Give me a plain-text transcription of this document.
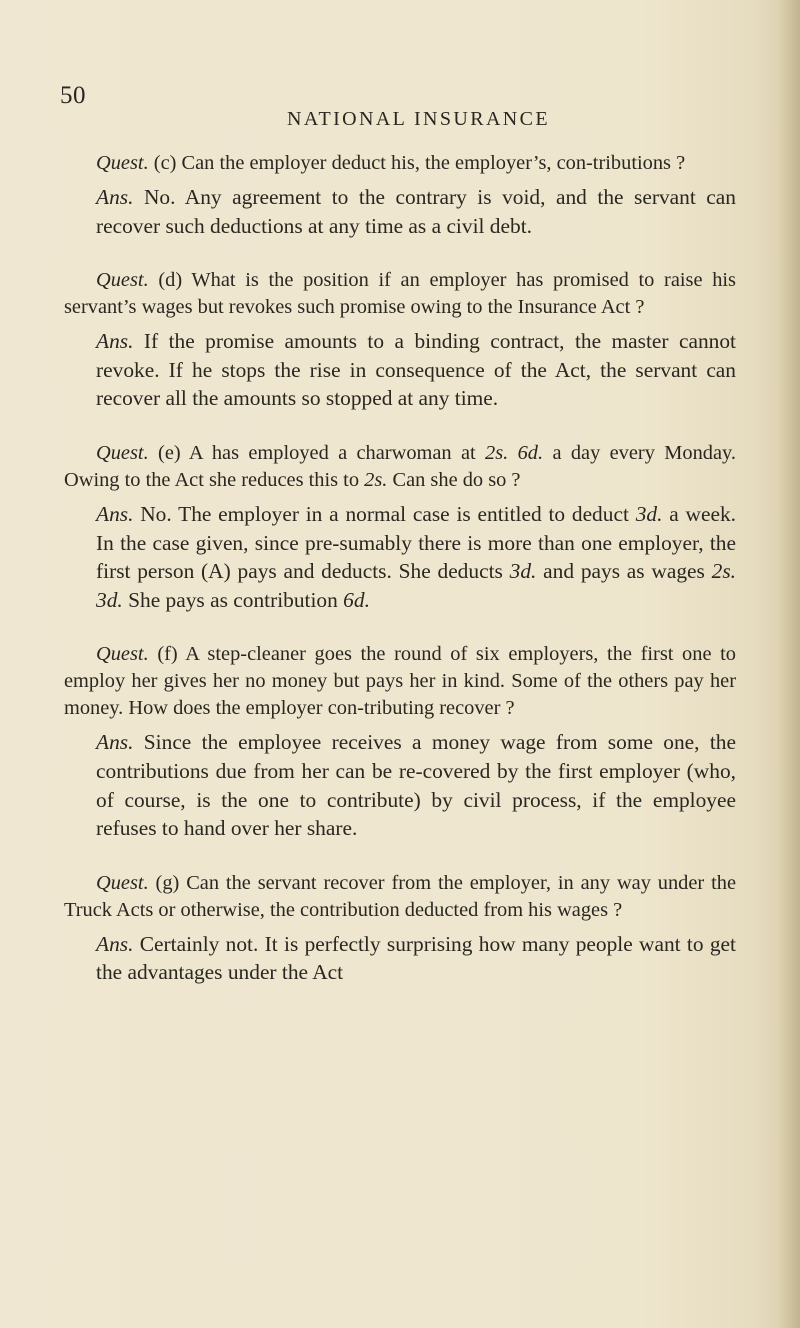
50
NATIONAL INSURANCE

Quest. (c) Can the employer deduct his, the employer’s, con-tributions ?

Ans. No. Any agreement to the contrary is void, and the servant can recover such deductions at any time as a civil debt.

Quest. (d) What is the position if an employer has promised to raise his servant’s wages but revokes such promise owing to the Insurance Act ?

Ans. If the promise amounts to a binding contract, the master cannot revoke. If he stops the rise in consequence of the Act, the servant can recover all the amounts so stopped at any time.

Quest. (e) A has employed a charwoman at 2s. 6d. a day every Monday. Owing to the Act she reduces this to 2s. Can she do so ?

Ans. No. The employer in a normal case is entitled to deduct 3d. a week. In the case given, since pre-sumably there is more than one employer, the first person (A) pays and deducts. She deducts 3d. and pays as wages 2s. 3d. She pays as contribution 6d.

Quest. (f) A step-cleaner goes the round of six employers, the first one to employ her gives her no money but pays her in kind. Some of the others pay her money. How does the employer con-tributing recover ?

Ans. Since the employee receives a money wage from some one, the contributions due from her can be re-covered by the first employer (who, of course, is the one to contribute) by civil process, if the employee refuses to hand over her share.

Quest. (g) Can the servant recover from the employer, in any way under the Truck Acts or otherwise, the contribution deducted from his wages ?

Ans. Certainly not. It is perfectly surprising how many people want to get the advantages under the Act
